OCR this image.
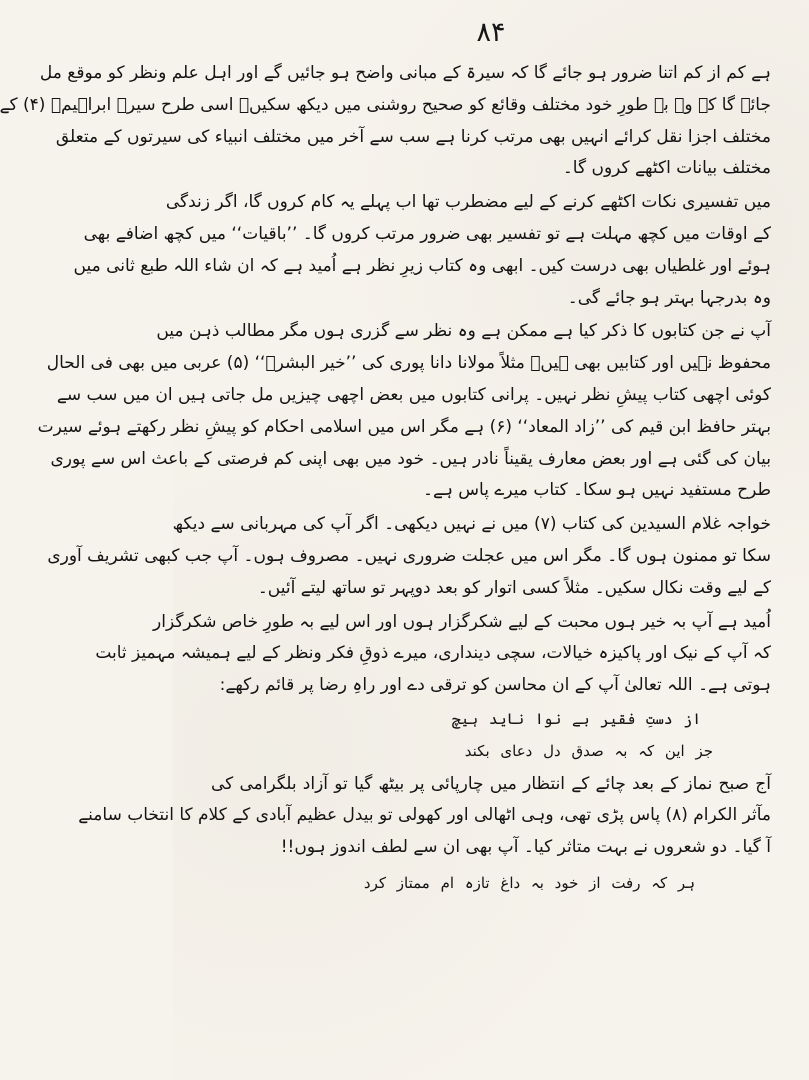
۸۴
ہے کم از کم اتنا ضرور ہو جائے گا کہ سیرۃ کے مبانی واضح ہو جائیں گے اور اہل علم ونظر کو موقع مل
جائے گا کہ وہ بہ طورِ خود مختلف وقائع کو صحیح روشنی میں دیکھ سکیں۔ اسی طرح سیرۃ ابراہیمؑ (۴) کے
مختلف اجزا نقل کرائے انہیں بھی مرتب کرنا ہے سب سے آخر میں مختلف انبیاء کی سیرتوں کے متعلق
مختلف بیانات اکٹھے کروں گا۔
میں تفسیری نکات اکٹھے کرنے کے لیے مضطرب تھا اب پہلے یہ کام کروں گا، اگر زندگی
کے اوقات میں کچھ مہلت ہے تو تفسیر بھی ضرور مرتب کروں گا۔ ’’باقیات‘‘ میں کچھ اضافے بھی
ہوئے اور غلطیاں بھی درست کیں۔ ابھی وہ کتاب زیرِ نظر ہے اُمید ہے کہ ان شاء اللہ طبع ثانی میں
وہ بدرجہا بہتر ہو جائے گی۔
آپ نے جن کتابوں کا ذکر کیا ہے ممکن ہے وہ نظر سے گزری ہوں مگر مطالب ذہن میں
محفوظ نہیں اور کتابیں بھی ہیں۔ مثلاً مولانا دانا پوری کی ’’خیر البشرؐ‘‘ (۵) عربی میں بھی فی الحال
کوئی اچھی کتاب پیشِ نظر نہیں۔ پرانی کتابوں میں بعض اچھی چیزیں مل جاتی ہیں ان میں سب سے
بہتر حافظ ابن قیم کی ’’زاد المعاد‘‘ (۶) ہے مگر اس میں اسلامی احکام کو پیشِ نظر رکھتے ہوئے سیرت
بیان کی گئی ہے اور بعض معارف یقیناً نادر ہیں۔ خود میں بھی اپنی کم فرصتی کے باعث اس سے پوری
طرح مستفید نہیں ہو سکا۔ کتاب میرے پاس ہے۔
خواجہ غلام السیدین کی کتاب (۷) میں نے نہیں دیکھی۔ اگر آپ کی مہربانی سے دیکھ
سکا تو ممنون ہوں گا۔ مگر اس میں عجلت ضروری نہیں۔ مصروف ہوں۔ آپ جب کبھی تشریف آوری
کے لیے وقت نکال سکیں۔ مثلاً کسی اتوار کو بعد دوپہر تو ساتھ لیتے آئیں۔
اُمید ہے آپ بہ خیر ہوں محبت کے لیے شکرگزار ہوں اور اس لیے بہ طورِ خاص شکرگزار
کہ آپ کے نیک اور پاکیزہ خیالات، سچی دینداری، میرے ذوقِ فکر ونظر کے لیے ہمیشہ مہمیز ثابت
ہوتی ہے۔ اللہ تعالیٰ آپ کے ان محاسن کو ترقی دے اور راہِ رضا پر قائم رکھے:
از دستِ فقیر بے نوا ناید ہیچ
جز این کہ بہ صدق دل دعای بکند
آج صبح نماز کے بعد چائے کے انتظار میں چارپائی پر بیٹھ گیا تو آزاد بلگرامی کی
مآثر الکرام (۸) پاس پڑی تھی، وہی اٹھالی اور کھولی تو بیدل عظیم آبادی کے کلام کا انتخاب سامنے
آ گیا۔ دو شعروں نے بہت متاثر کیا۔ آپ بھی ان سے لطف اندوز ہوں!!
ہر کہ رفت از خود بہ داغ تازہ ام ممتاز کرد
